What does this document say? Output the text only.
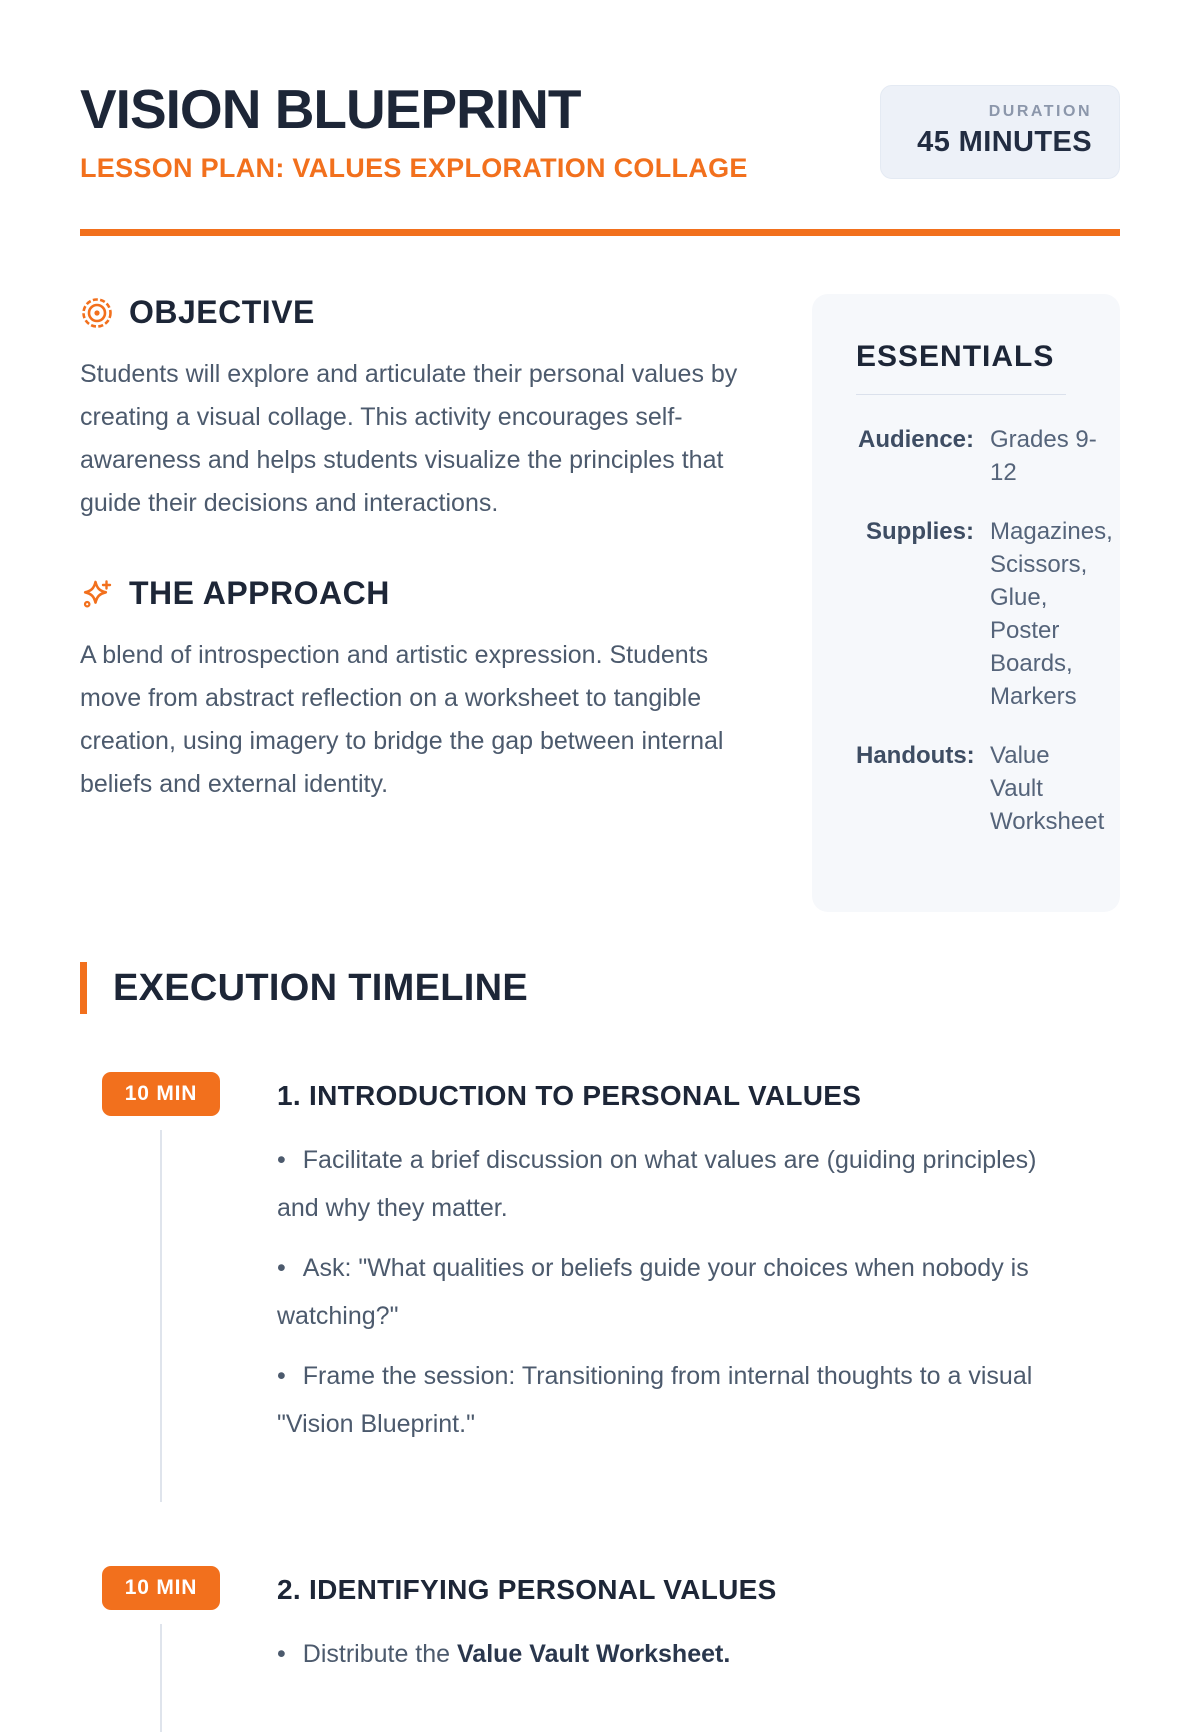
VISION BLUEPRINT
LESSON PLAN: VALUES EXPLORATION COLLAGE
DURATION
45 MINUTES
OBJECTIVE

Students will explore and articulate their personal values by creating a visual collage. This activity encourages self-awareness and helps students visualize the principles that guide their decisions and interactions.

THE APPROACH

A blend of introspection and artistic expression. Students move from abstract reflection on a worksheet to tangible creation, using imagery to bridge the gap between internal beliefs and external identity.

ESSENTIALS
Audience: Grades 9-12
Supplies: Magazines, Scissors, Glue, Poster Boards, Markers
Handouts: Value Vault Worksheet
EXECUTION TIMELINE
10 MIN	1. INTRODUCTION TO PERSONAL VALUES
• Facilitate a brief discussion on what values are (guiding principles) and why they matter.
• Ask: "What qualities or beliefs guide your choices when nobody is watching?"
• Frame the session: Transitioning from internal thoughts to a visual "Vision Blueprint."
10 MIN	2. IDENTIFYING PERSONAL VALUES
• Distribute the Value Vault Worksheet.
